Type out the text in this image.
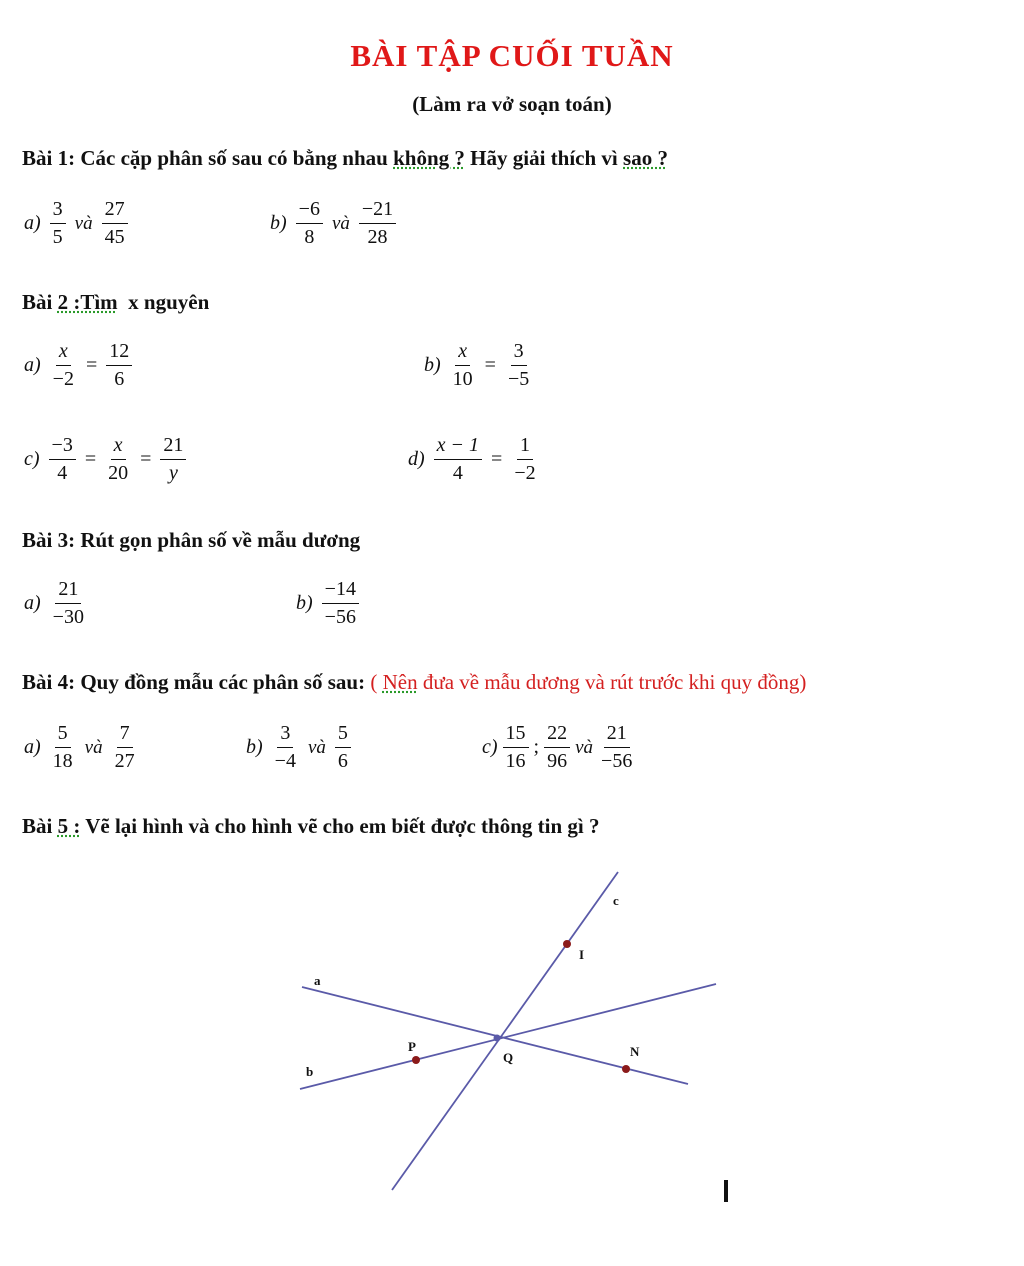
BÀI TẬP CUỐI TUẦN
(Làm ra vở soạn toán)
Bài 1: Các cặp phân số sau có bằng nhau không ? Hãy giải thích vì sao ?
$a) \frac{3}{5}$ và $\frac{27}{45}$	$b) \frac{-6}{8}$ và $\frac{-21}{28}$
Bài 2 :Tìm  x nguyên
$a) \frac{x}{-2} = \frac{12}{6}$	$b) \frac{x}{10} = \frac{3}{-5}$
$c) \frac{-3}{4} = \frac{x}{20} = \frac{21}{y}$	$d) \frac{x - 1}{4} = \frac{1}{-2}$
Bài 3: Rút gọn phân số về mẫu dương
$a) \frac{21}{-30}$	$b) \frac{-14}{-56}$
Bài 4: Quy đồng mẫu các phân số sau: ( Nên đưa về mẫu dương và rút trước khi quy đồng)
$a) \frac{5}{18}$ và $\frac{7}{27}$	$b) \frac{3}{-4}$ và $\frac{5}{6}$	$c) \frac{15}{16}$ ; $\frac{22}{96}$ và $\frac{21}{-56}$
Bài 5 : Vẽ lại hình và cho hình vẽ cho em biết được thông tin gì ?
a
b
c
I
P
Q	N
